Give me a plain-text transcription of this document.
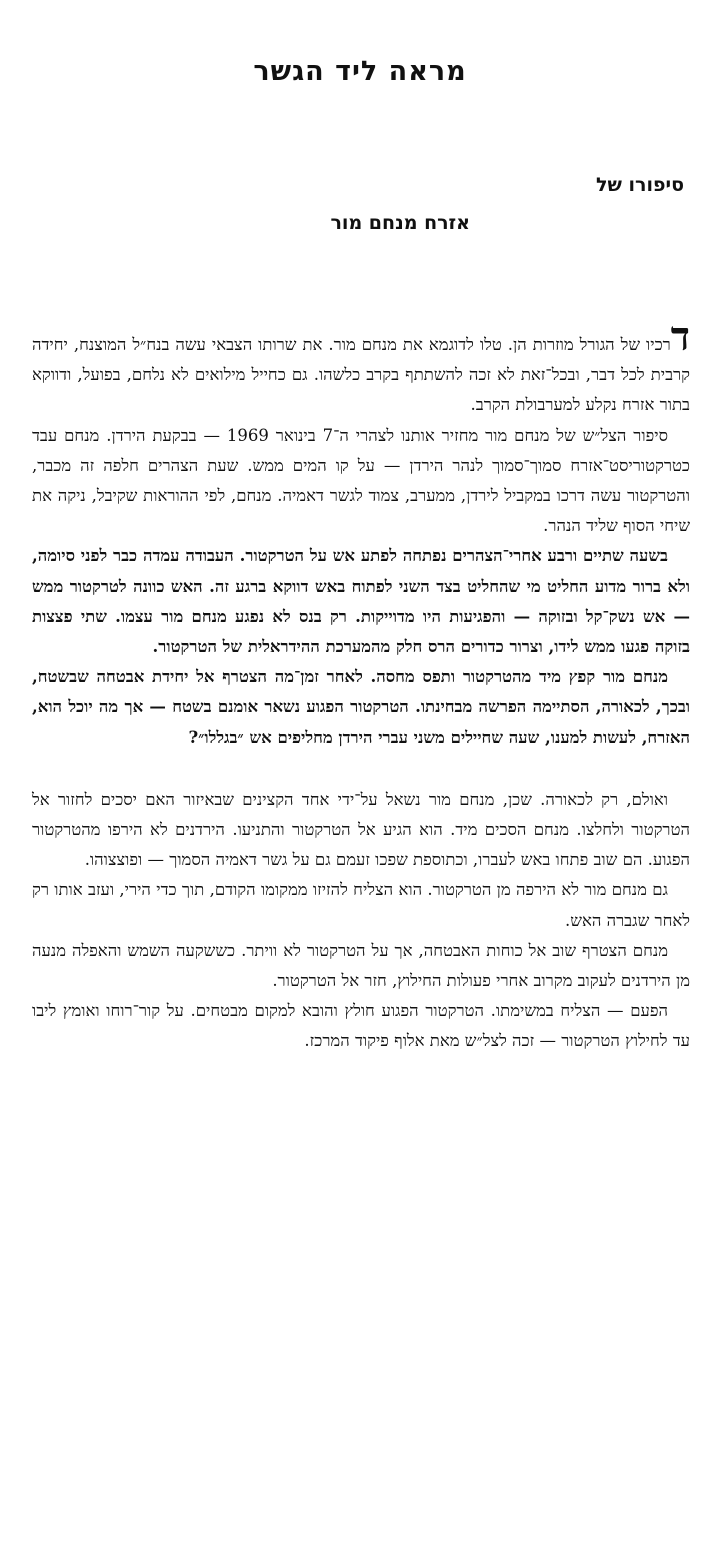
מראה ליד הגשר
סיפורו של
אזרח מנחם מור

דרכיו של הגורל מוזרות הן. טלו לדוגמא את מנחם מור. את שרותו הצבאי עשה בנח״ל המוצנח, יחידה קרבית לכל דבר, ובכל־זאת לא זכה להשתתף בקרב כלשהו. גם כחייל מילואים לא נלחם, בפועל, ודווקא בתור אזרח נקלע למערבולת הקרב.

סיפור הצל״ש של מנחם מור מחזיר אותנו לצהרי ה־7 בינואר 1969 — בבקעת הירדן. מנחם עבד כטרקטוריסט־אזרח סמוך־סמוך לנהר הירדן — על קו המים ממש. שעת הצהרים חלפה זה מכבר, והטרקטור עשה דרכו במקביל לירדן, ממערב, צמוד לגשר דאמיה. מנחם, לפי ההוראות שקיבל, ניקה את שיחי הסוף שליד הנהר.

בשעה שתיים ורבע אחרי־הצהרים נפתחה לפתע אש על הטרקטור. העבודה עמדה כבר לפני סיומה, ולא ברור מדוע החליט מי שהחליט בצד השני לפתוח באש דווקא ברגע זה. האש כוונה לטרקטור ממש — אש נשק־קל ובזוקה — והפגיעות היו מדוייקות. רק בנס לא נפגע מנחם מור עצמו. שתי פצצות בזוקה פגעו ממש לידו, וצרור כדורים הרס חלק מהמערכת ההידראלית של הטרקטור.

מנחם מור קפץ מיד מהטרקטור ותפס מחסה. לאחר זמן־מה הצטרף אל יחידת אבטחה שבשטח, ובכך, לכאורה, הסתיימה הפרשה מבחינתו. הטרקטור הפגוע נשאר אומנם בשטח — אך מה יוכל הוא, האזרח, לעשות למענו, שעה שחיילים משני עברי הירדן מחליפים אש ״בגללו״?

ואולם, רק לכאורה. שכן, מנחם מור נשאל על־ידי אחד הקצינים שבאיזור האם יסכים לחזור אל הטרקטור ולחלצו. מנחם הסכים מיד. הוא הגיע אל הטרקטור והתניעו. הירדנים לא הירפו מהטרקטור הפגוע. הם שוב פתחו באש לעברו, וכתוספת שפכו זעמם גם על גשר דאמיה הסמוך — ופוצצוהו.

גם מנחם מור לא הירפה מן הטרקטור. הוא הצליח להזיזו ממקומו הקודם, תוך כדי הירי, ועזב אותו רק לאחר שגברה האש.

מנחם הצטרף שוב אל כוחות האבטחה, אך על הטרקטור לא וויתר. כששקעה השמש והאפלה מנעה מן הירדנים לעקוב מקרוב אחרי פעולות החילוץ, חזר אל הטרקטור.

הפעם — הצליח במשימתו. הטרקטור הפגוע חולץ והובא למקום מבטחים. על קור־רוחו ואומץ ליבו עד לחילוץ הטרקטור — זכה לצל״ש מאת אלוף פיקוד המרכז.
